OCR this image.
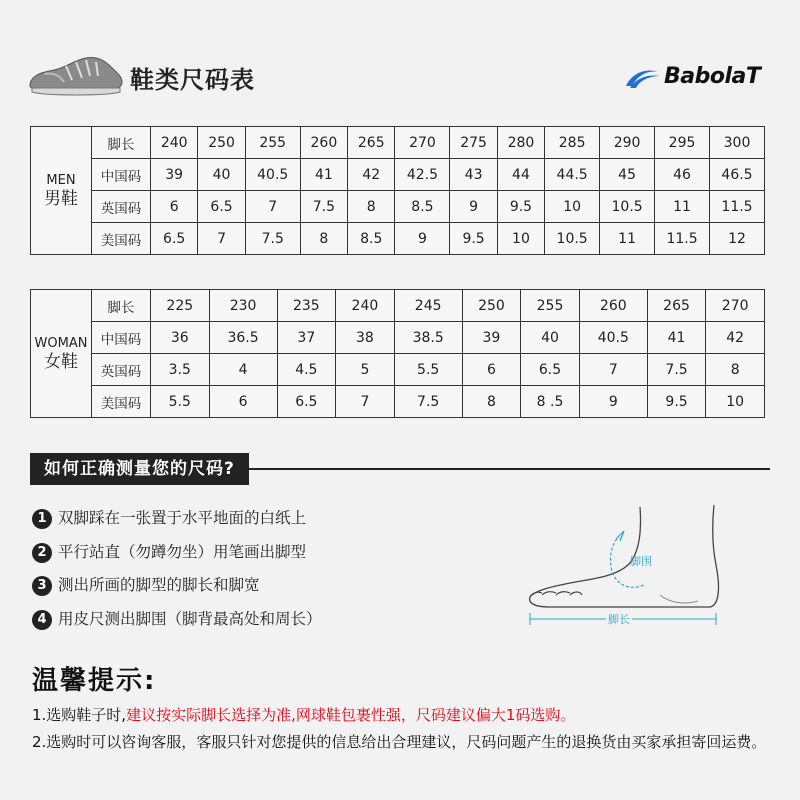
鞋类尺码表	BabolaT
MEN
男鞋	脚长	240	250	255	260	265	270	275	280	285	290	295	300
	中国码	39	40	40.5	41	42	42.5	43	44	44.5	45	46	46.5
	英国码	6	6.5	7	7.5	8	8.5	9	9.5	10	10.5	11	11.5
	美国码	6.5	7	7.5	8	8.5	9	9.5	10	10.5	11	11.5	12
WOMAN
女鞋	脚长	225	230	235	240	245	250	255	260	265	270
	中国码	36	36.5	37	38	38.5	39	40	40.5	41	42
	英国码	3.5	4	4.5	5	5.5	6	6.5	7	7.5	8
	美国码	5.5	6	6.5	7	7.5	8	8 .5	9	9.5	10
如何正确测量您的尺码?
1 双脚踩在一张置于水平地面的白纸上
2 平行站直（勿蹲勿坐）用笔画出脚型
3 测出所画的脚型的脚长和脚宽
4 用皮尺测出脚围（脚背最高处和周长）
脚围
脚长
温馨提示:
1.选购鞋子时,建议按实际脚长选择为准,网球鞋包裹性强，尺码建议偏大1码选购。
2.选购时可以咨询客服，客服只针对您提供的信息给出合理建议，尺码问题产生的退换货由买家承担寄回运费。
